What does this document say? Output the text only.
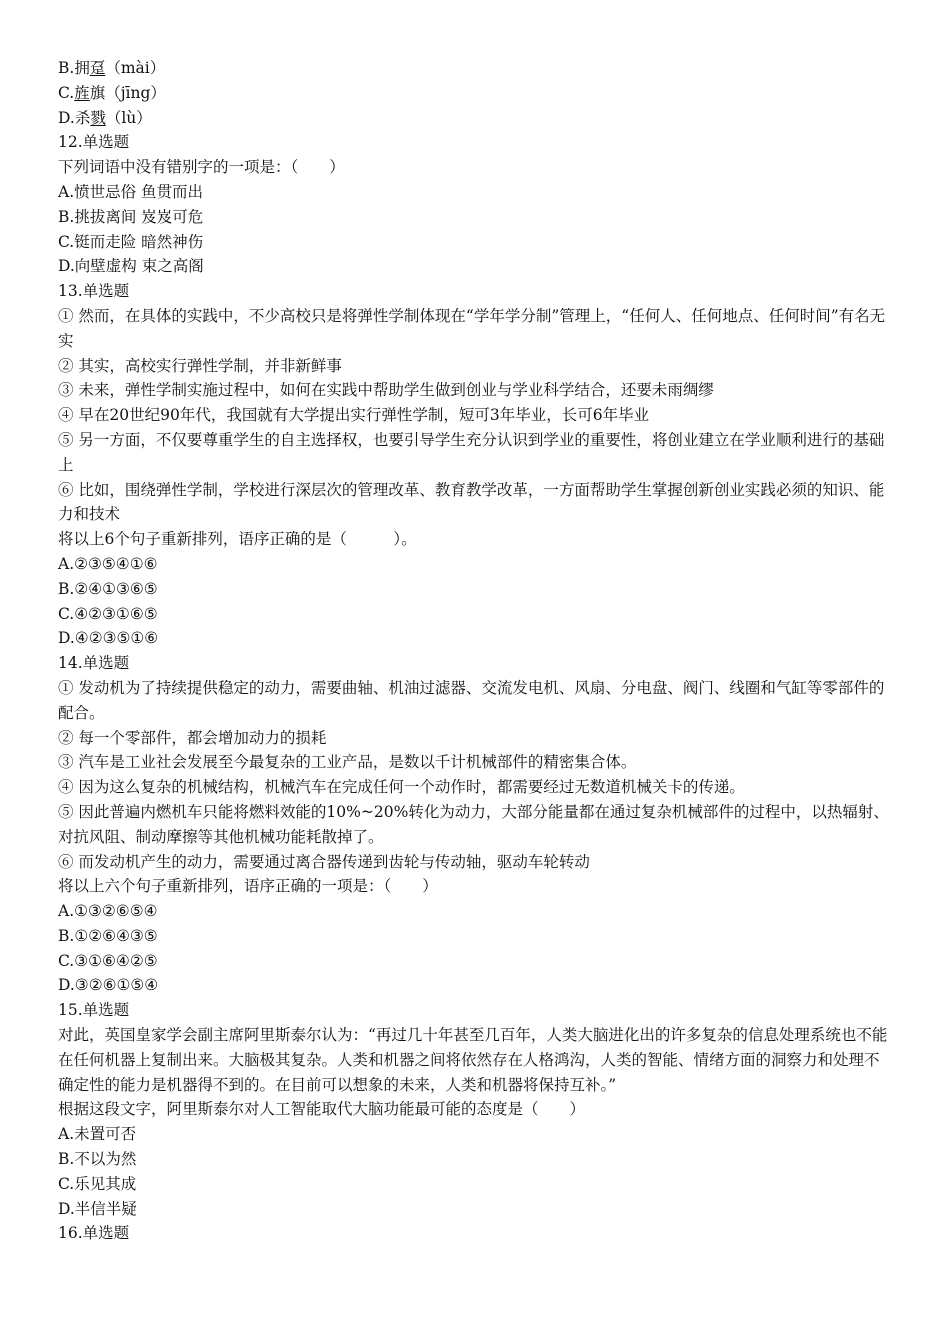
B.拥趸（mài）
C.旌旗（jīng）
D.杀戮（lù）
12.单选题
下列词语中没有错别字的一项是：（　　）
A.愤世忌俗 鱼贯而出
B.挑拔离间 岌岌可危
C.铤而走险 暗然神伤
D.向壁虚构 束之高阁
13.单选题
① 然而，在具体的实践中，不少高校只是将弹性学制体现在“学年学分制”管理上，“任何人、任何地点、任何时间”有名无实
② 其实，高校实行弹性学制，并非新鲜事
③ 未来，弹性学制实施过程中，如何在实践中帮助学生做到创业与学业科学结合，还要未雨绸缪
④ 早在20世纪90年代，我国就有大学提出实行弹性学制，短可3年毕业，长可6年毕业
⑤ 另一方面，不仅要尊重学生的自主选择权，也要引导学生充分认识到学业的重要性，将创业建立在学业顺利进行的基础上
⑥ 比如，围绕弹性学制，学校进行深层次的管理改革、教育教学改革，一方面帮助学生掌握创新创业实践必须的知识、能力和技术
将以上6个句子重新排列，语序正确的是（　　　）。
A.②③⑤④①⑥
B.②④①③⑥⑤
C.④②③①⑥⑤
D.④②③⑤①⑥
14.单选题
① 发动机为了持续提供稳定的动力，需要曲轴、机油过滤器、交流发电机、风扇、分电盘、阀门、线圈和气缸等零部件的配合。
② 每一个零部件，都会增加动力的损耗
③ 汽车是工业社会发展至今最复杂的工业产品，是数以千计机械部件的精密集合体。
④ 因为这么复杂的机械结构，机械汽车在完成任何一个动作时，都需要经过无数道机械关卡的传递。
⑤ 因此普遍内燃机车只能将燃料效能的10%~20%转化为动力，大部分能量都在通过复杂机械部件的过程中，以热辐射、对抗风阻、制动摩擦等其他机械功能耗散掉了。
⑥ 而发动机产生的动力，需要通过离合器传递到齿轮与传动轴，驱动车轮转动
将以上六个句子重新排列，语序正确的一项是：（　　）
A.①③②⑥⑤④
B.①②⑥④③⑤
C.③①⑥④②⑤
D.③②⑥①⑤④
15.单选题
对此，英国皇家学会副主席阿里斯泰尔认为：“再过几十年甚至几百年，人类大脑进化出的许多复杂的信息处理系统也不能在任何机器上复制出来。大脑极其复杂。人类和机器之间将依然存在人格鸿沟，人类的智能、情绪方面的洞察力和处理不确定性的能力是机器得不到的。在目前可以想象的未来，人类和机器将保持互补。”
根据这段文字，阿里斯泰尔对人工智能取代大脑功能最可能的态度是（　　）
A.未置可否
B.不以为然
C.乐见其成
D.半信半疑
16.单选题
